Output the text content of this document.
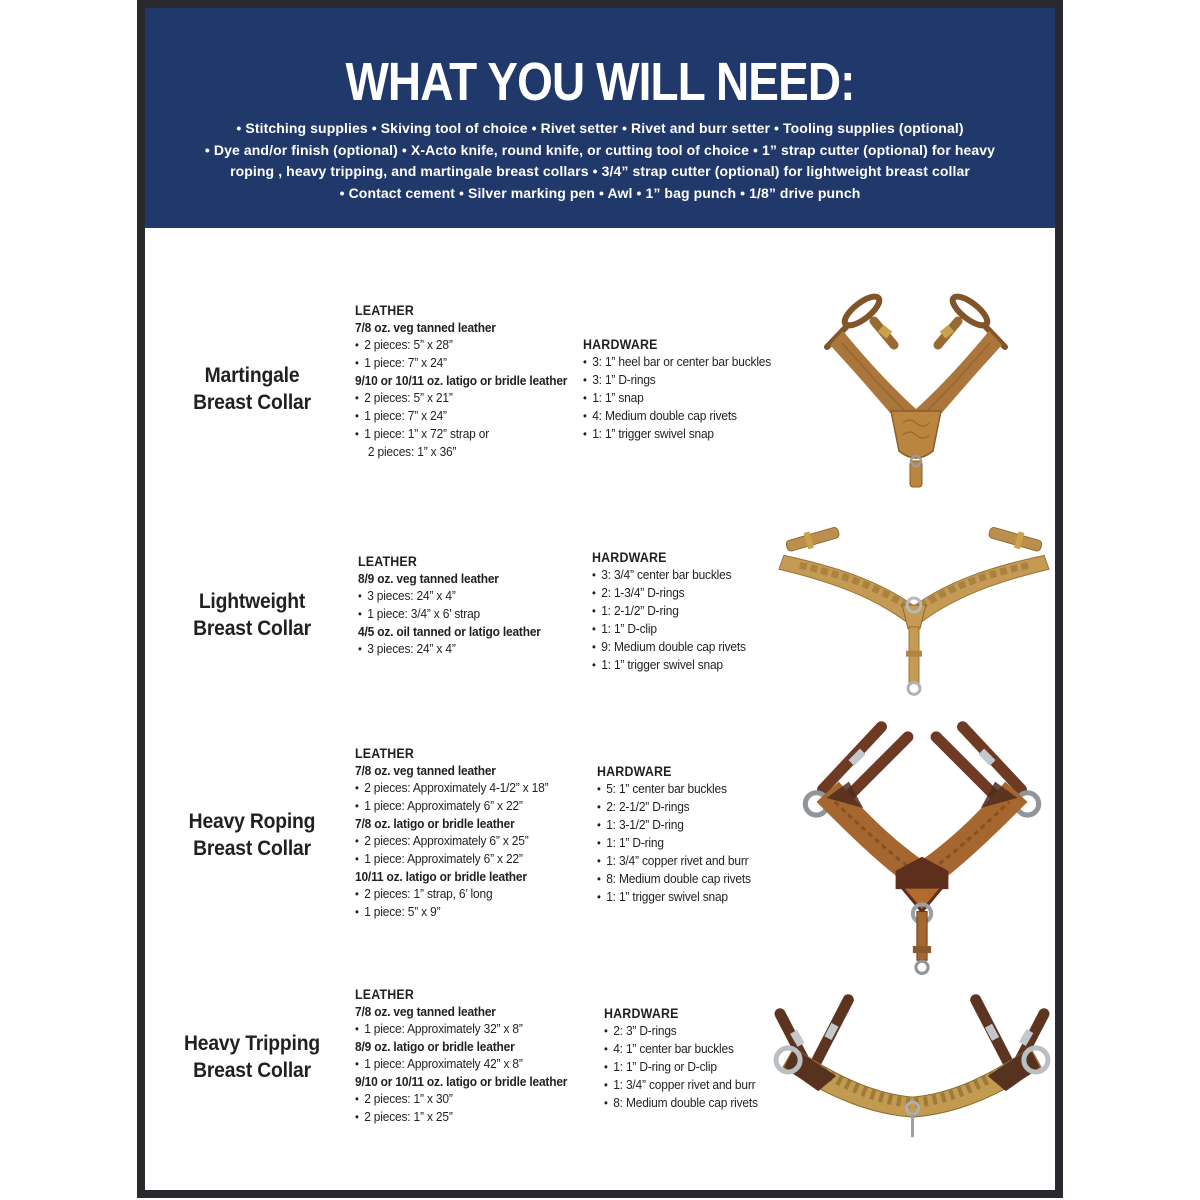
WHAT YOU WILL NEED:
• Stitching supplies • Skiving tool of choice • Rivet setter • Rivet and burr setter • Tooling supplies (optional)
• Dye and/or finish (optional) • X-Acto knife, round knife, or cutting tool of choice • 1” strap cutter (optional) for heavy
roping , heavy tripping, and martingale breast collars • 3/4” strap cutter (optional) for lightweight breast collar
• Contact cement • Silver marking pen • Awl • 1” bag punch • 1/8” drive punch
Martingale
Breast Collar
LEATHER
7/8 oz. veg tanned leather
• 2 pieces: 5” x 28”
• 1 piece: 7” x 24”
9/10 or 10/11 oz. latigo or bridle leather
• 2 pieces: 5” x 21”
• 1 piece: 7” x 24”
• 1 piece: 1” x 72” strap or
2 pieces: 1” x 36”
HARDWARE
• 3: 1” heel bar or center bar buckles
• 3: 1” D-rings
• 1: 1” snap
• 4: Medium double cap rivets
• 1: 1” trigger swivel snap
Lightweight
Breast Collar
LEATHER
8/9 oz. veg tanned leather
• 3 pieces: 24” x 4”
• 1 piece: 3/4” x 6’ strap
4/5 oz. oil tanned or latigo leather
• 3 pieces: 24” x 4”
HARDWARE
• 3: 3/4” center bar buckles
• 2: 1-3/4” D-rings
• 1: 2-1/2” D-ring
• 1: 1” D-clip
• 9: Medium double cap rivets
• 1: 1” trigger swivel snap
Heavy Roping
Breast Collar
LEATHER
7/8 oz. veg tanned leather
• 2 pieces: Approximately 4-1/2” x 18”
• 1 piece: Approximately 6” x 22”
7/8 oz. latigo or bridle leather
• 2 pieces: Approximately 6” x 25”
• 1 piece: Approximately 6” x 22”
10/11 oz. latigo or bridle leather
• 2 pieces: 1” strap, 6’ long
• 1 piece: 5” x 9”
HARDWARE
• 5: 1” center bar buckles
• 2: 2-1/2” D-rings
• 1: 3-1/2” D-ring
• 1: 1” D-ring
• 1: 3/4” copper rivet and burr
• 8: Medium double cap rivets
• 1: 1” trigger swivel snap
Heavy Tripping
Breast Collar
LEATHER
7/8 oz. veg tanned leather
• 1 piece: Approximately 32” x 8”
8/9 oz. latigo or bridle leather
• 1 piece: Approximately 42” x 8”
9/10 or 10/11 oz. latigo or bridle leather
• 2 pieces: 1” x 30”
• 2 pieces: 1” x 25”
HARDWARE
• 2: 3” D-rings
• 4: 1” center bar buckles
• 1: 1” D-ring or D-clip
• 1: 3/4” copper rivet and burr
• 8: Medium double cap rivets
